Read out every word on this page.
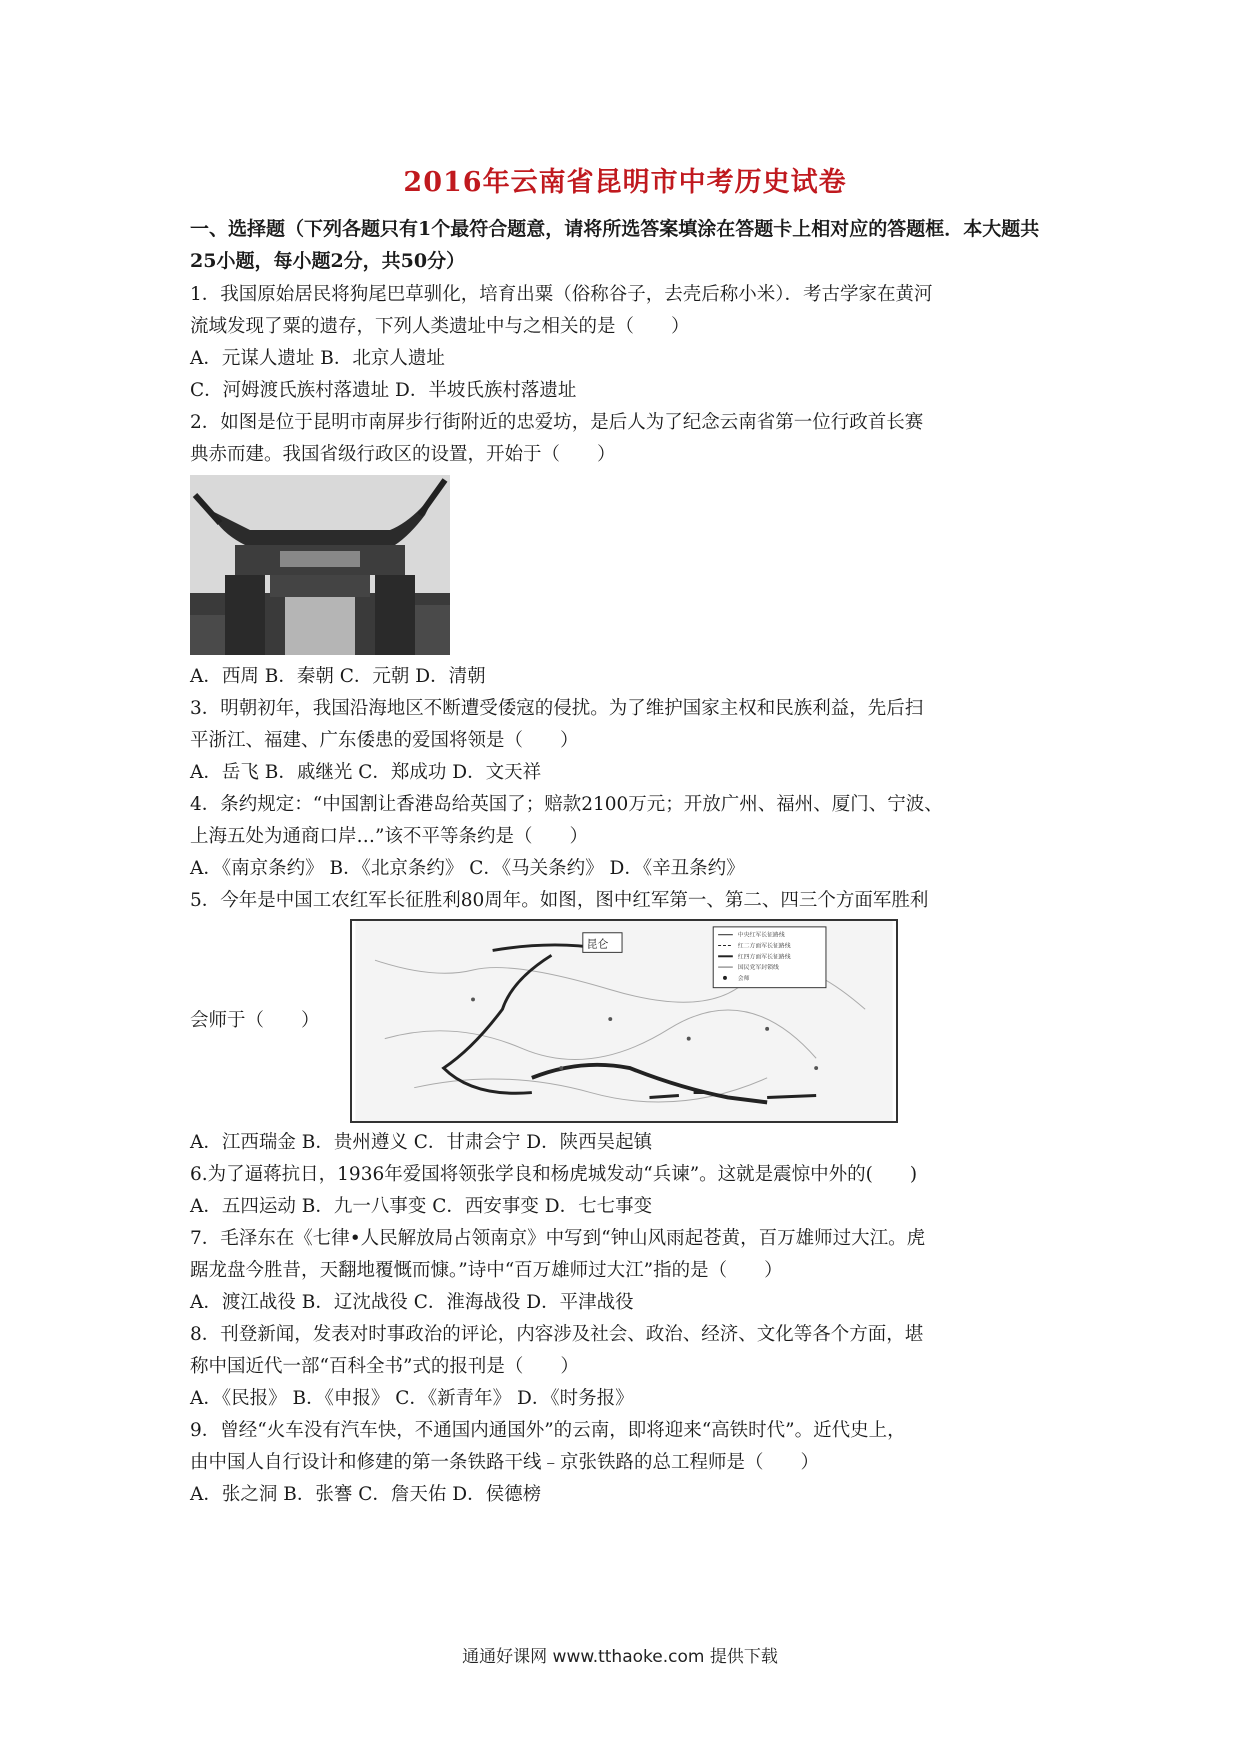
2016年云南省昆明市中考历史试卷

一、选择题（下列各题只有1个最符合题意，请将所选答案填涂在答题卡上相对应的答题框．本大题共25小题，每小题2分，共50分）

1．我国原始居民将狗尾巴草驯化，培育出粟（俗称谷子，去壳后称小米）．考古学家在黄河

流域发现了粟的遗存，下列人类遗址中与之相关的是（　　）

A．元谋人遗址 B．北京人遗址

C．河姆渡氏族村落遗址 D．半坡氏族村落遗址

2．如图是位于昆明市南屏步行街附近的忠爱坊，是后人为了纪念云南省第一位行政首长赛

典赤而建。我国省级行政区的设置，开始于（　　）

A．西周 B．秦朝 C．元朝 D．清朝

3．明朝初年，我国沿海地区不断遭受倭寇的侵扰。为了维护国家主权和民族利益，先后扫

平浙江、福建、广东倭患的爱国将领是（　　）

A．岳飞 B．戚继光 C．郑成功 D．文天祥

4．条约规定：“中国割让香港岛给英国了；赔款2100万元；开放广州、福州、厦门、宁波、

上海五处为通商口岸…”该不平等条约是（　　）

A．《南京条约》 B．《北京条约》 C．《马关条约》 D．《辛丑条约》

5．今年是中国工农红军长征胜利80周年。如图，图中红军第一、第二、四三个方面军胜利

会师于（　　）

昆仑
中央红军长征路线
红二方面军长征路线
红四方面军长征路线
国民党军封锁线
会师

A．江西瑞金 B．贵州遵义 C．甘肃会宁 D．陕西吴起镇

6.为了逼蒋抗日，1936年爱国将领张学良和杨虎城发动“兵谏”。这就是震惊中外的(　　)

A．五四运动 B．九一八事变 C．西安事变 D．七七事变

7．毛泽东在《七律•人民解放局占领南京》中写到“钟山风雨起苍黄，百万雄师过大江。虎

踞龙盘今胜昔，天翻地覆慨而慷。”诗中“百万雄师过大江”指的是（　　）

A．渡江战役 B．辽沈战役 C．淮海战役 D．平津战役

8．刊登新闻，发表对时事政治的评论，内容涉及社会、政治、经济、文化等各个方面，堪

称中国近代一部“百科全书”式的报刊是（　　）

A．《民报》 B．《申报》 C．《新青年》 D．《时务报》

9．曾经“火车没有汽车快，不通国内通国外”的云南，即将迎来“高铁时代”。近代史上，

由中国人自行设计和修建的第一条铁路干线﹣京张铁路的总工程师是（　　）

A．张之洞 B．张謇 C．詹天佑 D．侯德榜

通通好课网 www.tthaoke.com 提供下载
